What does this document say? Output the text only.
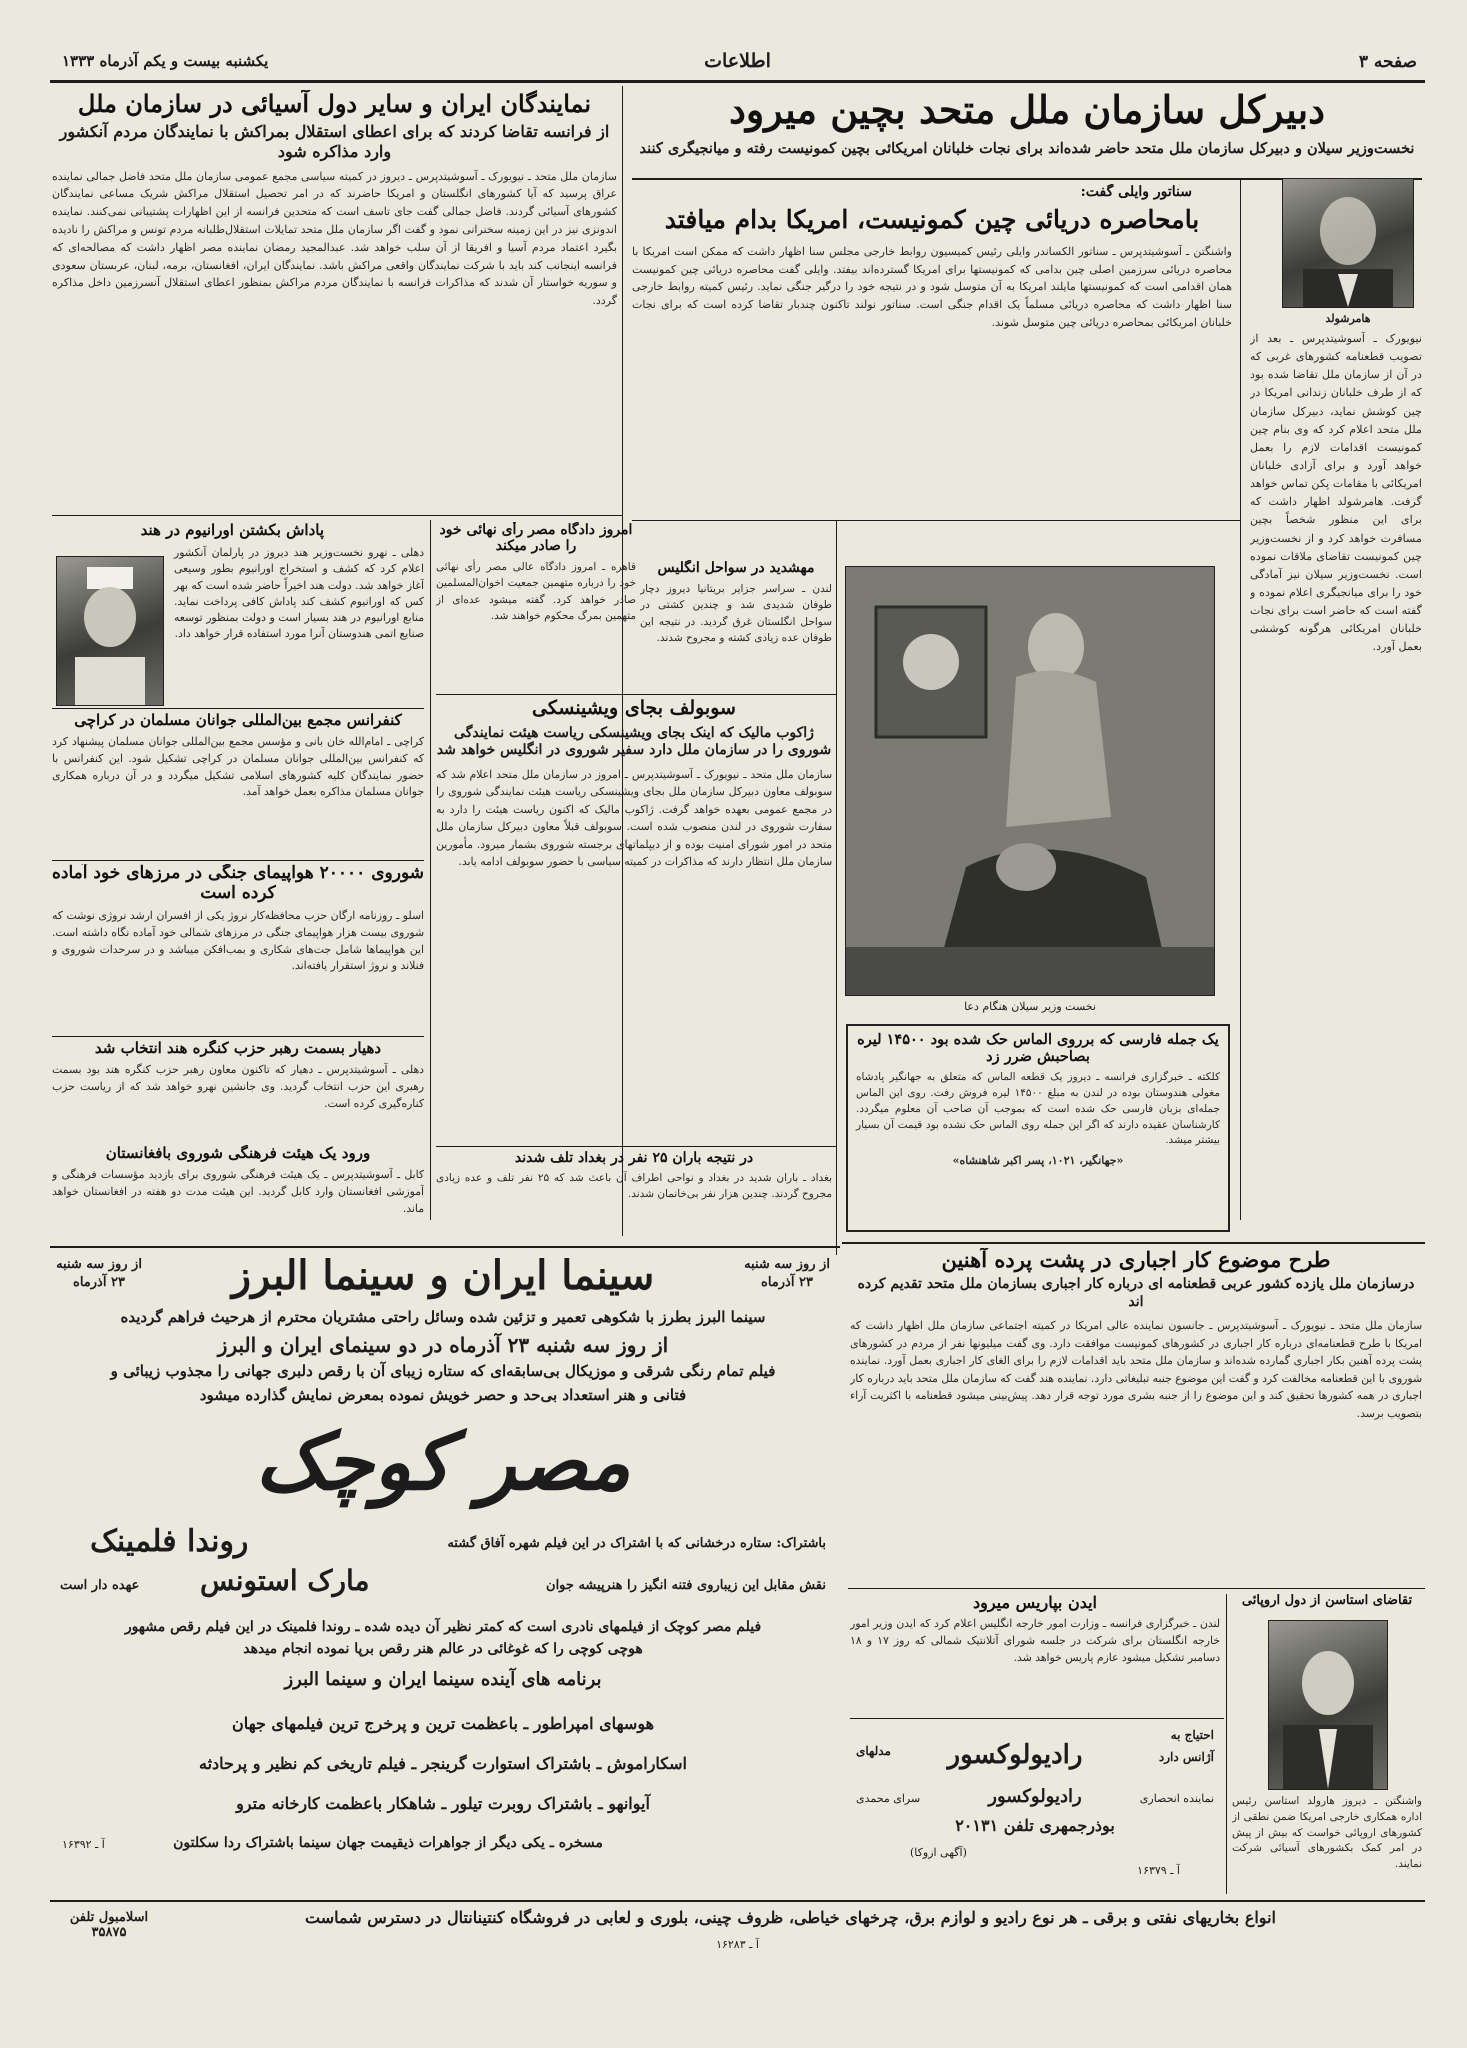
صفحه ۳
اطلاعات
یکشنبه بیست و یکم آذرماه ۱۳۳۳
دبیرکل سازمان ملل متحد بچین میرود
نخست‌وزیر سیلان و دبیرکل سازمان ملل متحد حاضر شده‌اند برای نجات خلبانان امریکائی بچین کمونیست رفته و میانجیگری کنند
هامرشولد
نیویورک ـ آسوشیتدپرس ـ بعد از تصویب قطعنامه کشورهای غربی که در آن از سازمان ملل تقاضا شده بود که از طرف خلبانان زندانی امریکا در چین کوشش نماید، دبیرکل سازمان ملل متحد اعلام کرد که وی بنام چین کمونیست اقدامات لازم را بعمل خواهد آورد و برای آزادی خلبانان امریکائی با مقامات پکن تماس خواهد گرفت. هامرشولد اظهار داشت که برای این منظور شخصاً بچین مسافرت خواهد کرد و از نخست‌وزیر چین کمونیست تقاضای ملاقات نموده است. نخست‌وزیر سیلان نیز آمادگی خود را برای میانجیگری اعلام نموده و گفته است که حاضر است برای نجات خلبانان امریکائی هرگونه کوششی بعمل آورد.
سناتور وایلی گفت:
بامحاصره دریائی چین کمونیست، امریکا بدام میافتد
واشنگتن ـ آسوشیتدپرس ـ سناتور الکساندر وایلی رئیس کمیسیون روابط خارجی مجلس سنا اظهار داشت که ممکن است امریکا با محاصره دریائی سرزمین اصلی چین بدامی که کمونیستها برای امریکا گسترده‌اند بیفتد. وایلی گفت محاصره دریائی چین کمونیست همان اقدامی است که کمونیستها مایلند امریکا به آن متوسل شود و در نتیجه خود را درگیر جنگی نماید. رئیس کمیته روابط خارجی سنا اظهار داشت که محاصره دریائی مسلماً یک اقدام جنگی است. سناتور نولند تاکنون چندبار تقاضا کرده است که برای نجات خلبانان امریکائی بمحاصره دریائی چین متوسل شوند.
نمایندگان ایران و سایر دول آسیائی در سازمان ملل
از فرانسه تقاضا کردند که برای اعطای استقلال بمراکش با نمایندگان مردم آنکشور وارد مذاکره شود
سازمان ملل متحد ـ نیویورک ـ آسوشیتدپرس ـ دیروز در کمیته سیاسی مجمع عمومی سازمان ملل متحد فاضل جمالی نماینده عراق پرسید که آیا کشورهای انگلستان و امریکا حاضرند که در امر تحصیل استقلال مراکش شریک مساعی نمایندگان کشورهای آسیائی گردند. فاضل جمالی گفت جای تاسف است که متحدین فرانسه از این اظهارات پشتیبانی نمی‌کنند. نماینده اندونزی نیز در این زمینه سخنرانی نمود و گفت اگر سازمان ملل متحد تمایلات استقلال‌طلبانه مردم تونس و مراکش را نادیده بگیرد اعتماد مردم آسیا و افریقا از آن سلب خواهد شد. عبدالمجید رمضان نماینده مصر اظهار داشت که مصالحه‌ای که فرانسه اینجانب کند باید با شرکت نمایندگان واقعی مراکش باشد. نمایندگان ایران، افغانستان، برمه، لبنان، عربستان سعودی و سوریه خواستار آن شدند که مذاکرات فرانسه با نمایندگان مردم مراکش بمنظور اعطای استقلال آنسرزمین داخل مذاکره گردد.
پاداش بکشتن اورانیوم در هند
دهلی ـ نهرو نخست‌وزیر هند دیروز در پارلمان آنکشور اعلام کرد که کشف و استخراج اورانیوم بطور وسیعی آغاز خواهد شد. دولت هند اخیراً حاضر شده است که بهر کس که اورانیوم کشف کند پاداش کافی پرداخت نماید. منابع اورانیوم در هند بسیار است و دولت بمنظور توسعه صنایع اتمی هندوستان آنرا مورد استفاده قرار خواهد داد.
کنفرانس مجمع بین‌المللی جوانان مسلمان در کراچی
کراچی ـ امام‌الله خان بانی و مؤسس مجمع بین‌المللی جوانان مسلمان پیشنهاد کرد که کنفرانس بین‌المللی جوانان مسلمان در کراچی تشکیل شود. این کنفرانس با حضور نمایندگان کلیه کشورهای اسلامی تشکیل میگردد و در آن درباره همکاری جوانان مسلمان مذاکره بعمل خواهد آمد.
شوروی ۲۰۰۰۰ هواپیمای جنگی در مرزهای خود آماده کرده است
اسلو ـ روزنامه ارگان حزب محافظه‌کار نروژ یکی از افسران ارشد نروژی نوشت که شوروی بیست هزار هواپیمای جنگی در مرزهای شمالی خود آماده نگاه داشته است. این هواپیماها شامل جت‌های شکاری و بمب‌افکن میباشد و در سرحدات شوروی و فنلاند و نروژ استقرار یافته‌اند.
دهیار بسمت رهبر حزب کنگره هند انتخاب شد
دهلی ـ آسوشیتدپرس ـ دهیار که تاکنون معاون رهبر حزب کنگره هند بود بسمت رهبری این حزب انتخاب گردید. وی جانشین نهرو خواهد شد که از ریاست حزب کناره‌گیری کرده است.
ورود یک هیئت فرهنگی شوروی بافغانستان
کابل ـ آسوشیتدپرس ـ یک هیئت فرهنگی شوروی برای بازدید مؤسسات فرهنگی و آموزشی افغانستان وارد کابل گردید. این هیئت مدت دو هفته در افغانستان خواهد ماند.
امروز دادگاه مصر رأی نهائی خود را صادر میکند
قاهره ـ امروز دادگاه عالی مصر رأی نهائی خود را درباره متهمین جمعیت اخوان‌المسلمین صادر خواهد کرد. گفته میشود عده‌ای از متهمین بمرگ محکوم خواهند شد.
مهشدید در سواحل انگلیس
لندن ـ سراسر جزایر بریتانیا دیروز دچار طوفان شدیدی شد و چندین کشتی در سواحل انگلستان غرق گردید. در نتیجه این طوفان عده زیادی کشته و مجروح شدند.
سوبولف بجای ویشینسکی
ژاکوب مالیک که اینک بجای ویشینسکی ریاست هیئت نمایندگی شوروی را در سازمان ملل دارد سفیر شوروی در انگلیس خواهد شد
سازمان ملل متحد ـ نیویورک ـ آسوشیتدپرس ـ امروز در سازمان ملل متحد اعلام شد که سوبولف معاون دبیرکل سازمان ملل بجای ویشینسکی ریاست هیئت نمایندگی شوروی را در مجمع عمومی بعهده خواهد گرفت. ژاکوب مالیک که اکنون ریاست هیئت را دارد به سفارت شوروی در لندن منصوب شده است. سوبولف قبلاً معاون دبیرکل سازمان ملل متحد در امور شورای امنیت بوده و از دیپلماتهای برجسته شوروی بشمار میرود. مأمورین سازمان ملل انتظار دارند که مذاکرات در کمیته سیاسی با حضور سوبولف ادامه یابد.
در نتیجه باران ۲۵ نفر در بغداد تلف شدند
بغداد ـ باران شدید در بغداد و نواحی اطراف آن باعث شد که ۲۵ نفر تلف و عده زیادی مجروح گردند. چندین هزار نفر بی‌خانمان شدند.
نخست وزیر سیلان هنگام دعا
یک جمله فارسی که برروی الماس حک شده بود ۱۴۵۰۰ لیره بصاحبش ضرر زد
کلکته ـ خبرگزاری فرانسه ـ دیروز یک قطعه الماس که متعلق به جهانگیر پادشاه مغولی هندوستان بوده در لندن به مبلغ ۱۴۵۰۰ لیره فروش رفت. روی این الماس جمله‌ای بزبان فارسی حک شده است که بموجب آن صاحب آن معلوم میگردد. کارشناسان عقیده دارند که اگر این جمله روی الماس حک نشده بود قیمت آن بسیار بیشتر میشد.
«جهانگیر، ۱۰۲۱، پسر اکبر شاهنشاه»
طرح موضوع کار اجباری در پشت پرده آهنین
درسازمان ملل یازده کشور عربی قطعنامه ای درباره کار اجباری بسازمان ملل متحد تقدیم کرده اند
سازمان ملل متحد ـ نیویورک ـ آسوشیتدپرس ـ جانسون نماینده عالی امریکا در کمیته اجتماعی سازمان ملل اظهار داشت که امریکا با طرح قطعنامه‌ای درباره کار اجباری در کشورهای کمونیست موافقت دارد. وی گفت میلیونها نفر از مردم در کشورهای پشت پرده آهنین بکار اجباری گمارده شده‌اند و سازمان ملل متحد باید اقدامات لازم را برای الغای کار اجباری بعمل آورد. نماینده شوروی با این قطعنامه مخالفت کرد و گفت این موضوع جنبه تبلیغاتی دارد. نماینده هند گفت که سازمان ملل متحد باید درباره کار اجباری در همه کشورها تحقیق کند و این موضوع را از جنبه بشری مورد توجه قرار دهد. پیش‌بینی میشود قطعنامه با اکثریت آراء بتصویب برسد.
تقاضای استاسن از دول اروپائی
واشنگتن ـ دیروز هارولد استاسن رئیس اداره همکاری خارجی امریکا ضمن نطقی از کشورهای اروپائی خواست که بیش از پیش در امر کمک بکشورهای آسیائی شرکت نمایند.
ایدن بپاریس میرود
لندن ـ خبرگزاری فرانسه ـ وزارت امور خارجه انگلیس اعلام کرد که ایدن وزیر امور خارجه انگلستان برای شرکت در جلسه شورای آتلانتیک شمالی که روز ۱۷ و ۱۸ دسامبر تشکیل میشود عازم پاریس خواهد شد.
احتیاج به
مدلهای	رادیولوکسور	آژانس دارد
رادیولوکسور	نماینده انحصاری
سرای محمدی
بوذرجمهری تلفن ۲۰۱۳۱
(آگهی ازوکا)
آ ـ ۱۶۳۷۹
از روز سه شنبه ۲۳ آذرماه
از روز سه شنبه ۲۳ آذرماه	سینما ایران و سینما البرز
سینما البرز بطرز با شکوهی تعمیر و تزئین شده وسائل راحتی مشتریان محترم از هرحیث فراهم گردیده
از روز سه شنبه ۲۳ آذرماه در دو سینمای ایران و البرز
فیلم تمام رنگی شرقی و موزیکال بی‌سابقه‌ای که ستاره زیبای آن با رقص دلبری جهانی را مجذوب زیبائی و
فتانی و هنر استعداد بی‌حد و حصر خویش نموده بمعرض نمایش گذارده میشود
مصر کوچک
باشتراک: ستاره درخشانی که با اشتراک در این فیلم شهره آفاق گشته
روندا فلمینک
نقش مقابل این زیباروی فتنه انگیز را هنرپیشه جوان
مارک استونس
عهده دار است
فیلم مصر کوچک از فیلمهای نادری است که کمتر نظیر آن دیده شده ـ روندا فلمینک در این فیلم رقص مشهور
هوچی کوچی را که غوغائی در عالم هنر رقص برپا نموده انجام میدهد
برنامه های آینده سینما ایران و سینما البرز
هوسهای امپراطور ـ باعظمت ترین و پرخرج ترین فیلمهای جهان
اسکاراموش ـ باشتراک استوارت گرینجر ـ فیلم تاریخی کم نظیر و پرحادثه
آیوانهو ـ باشتراک روبرت تیلور ـ شاهکار باعظمت کارخانه مترو
مسخره ـ یکی دیگر از جواهرات ذیقیمت جهان سینما باشتراک ردا سکلتون
آ ـ ۱۶۳۹۲
انواع بخاریهای نفتی و برقی ـ هر نوع رادیو و لوازم برق، چرخهای خیاطی، ظروف چینی، بلوری و لعابی در فروشگاه کنتینانتال در دسترس شماست
اسلامبول تلفن ۳۵۸۷۵
آ ـ ۱۶۲۸۳
